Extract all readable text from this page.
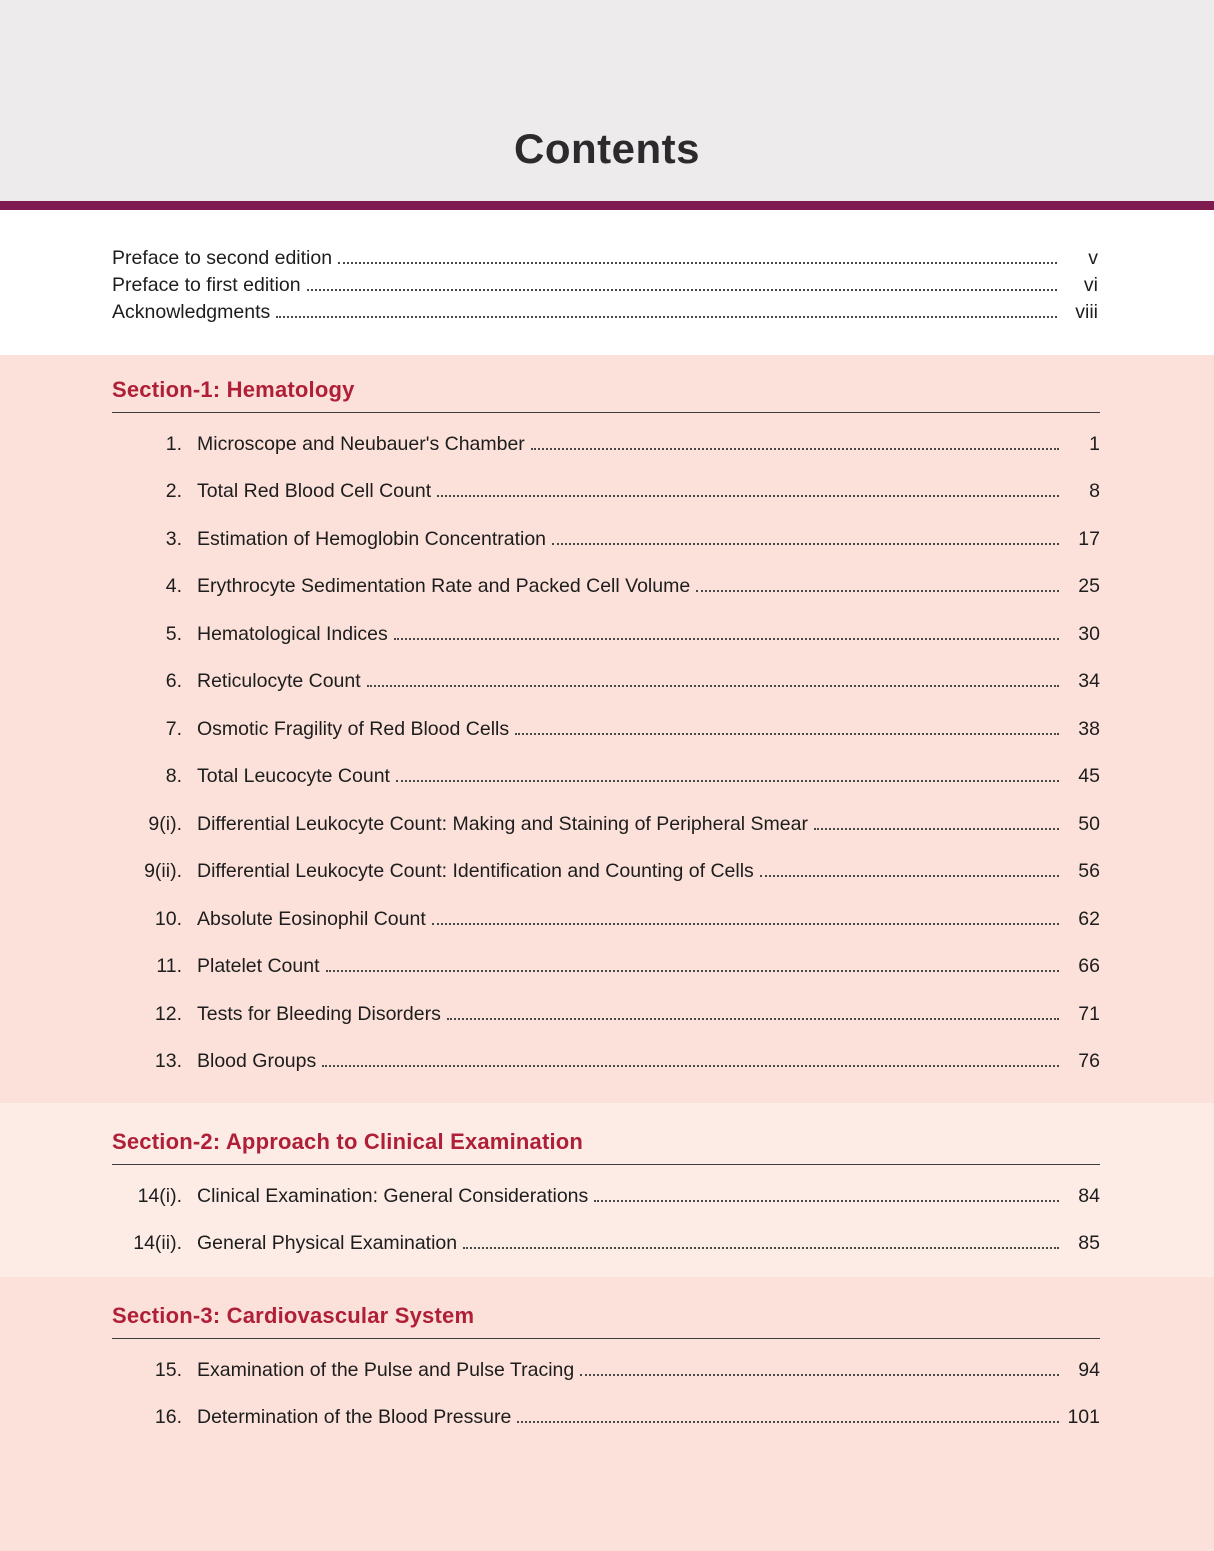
Contents
Preface to second edition	v
Preface to first edition	vi
Acknowledgments	viii
Section-1: Hematology
1. Microscope and Neubauer's Chamber	1
2. Total Red Blood Cell Count	8
3. Estimation of Hemoglobin Concentration	17
4. Erythrocyte Sedimentation Rate and Packed Cell Volume	25
5. Hematological Indices	30
6. Reticulocyte Count	34
7. Osmotic Fragility of Red Blood Cells	38
8. Total Leucocyte Count	45
9(i). Differential Leukocyte Count: Making and Staining of Peripheral Smear	50
9(ii). Differential Leukocyte Count: Identification and Counting of Cells	56
10. Absolute Eosinophil Count	62
11. Platelet Count	66
12. Tests for Bleeding Disorders	71
13. Blood Groups	76
Section-2: Approach to Clinical Examination
14(i). Clinical Examination: General Considerations	84
14(ii). General Physical Examination	85
Section-3: Cardiovascular System
15. Examination of the Pulse and Pulse Tracing	94
16. Determination of the Blood Pressure	101
